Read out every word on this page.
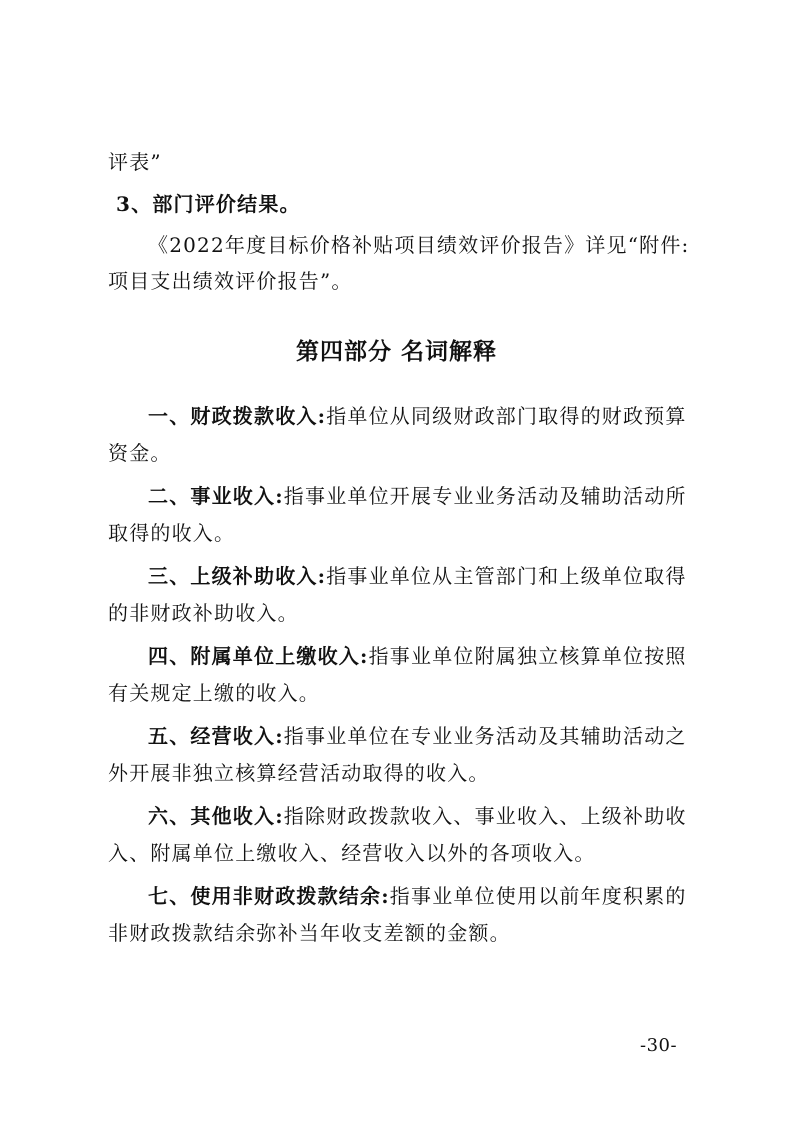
评表”
3、部门评价结果。
《2022年度目标价格补贴项目绩效评价报告》详见“附件:
项目支出绩效评价报告”。
第四部分 名词解释
一、财政拨款收入:指单位从同级财政部门取得的财政预算
资金。
二、事业收入:指事业单位开展专业业务活动及辅助活动所
取得的收入。
三、上级补助收入:指事业单位从主管部门和上级单位取得
的非财政补助收入。
四、附属单位上缴收入:指事业单位附属独立核算单位按照
有关规定上缴的收入。
五、经营收入:指事业单位在专业业务活动及其辅助活动之
外开展非独立核算经营活动取得的收入。
六、其他收入:指除财政拨款收入、事业收入、上级补助收
入、附属单位上缴收入、经营收入以外的各项收入。
七、使用非财政拨款结余:指事业单位使用以前年度积累的
非财政拨款结余弥补当年收支差额的金额。
-30-
